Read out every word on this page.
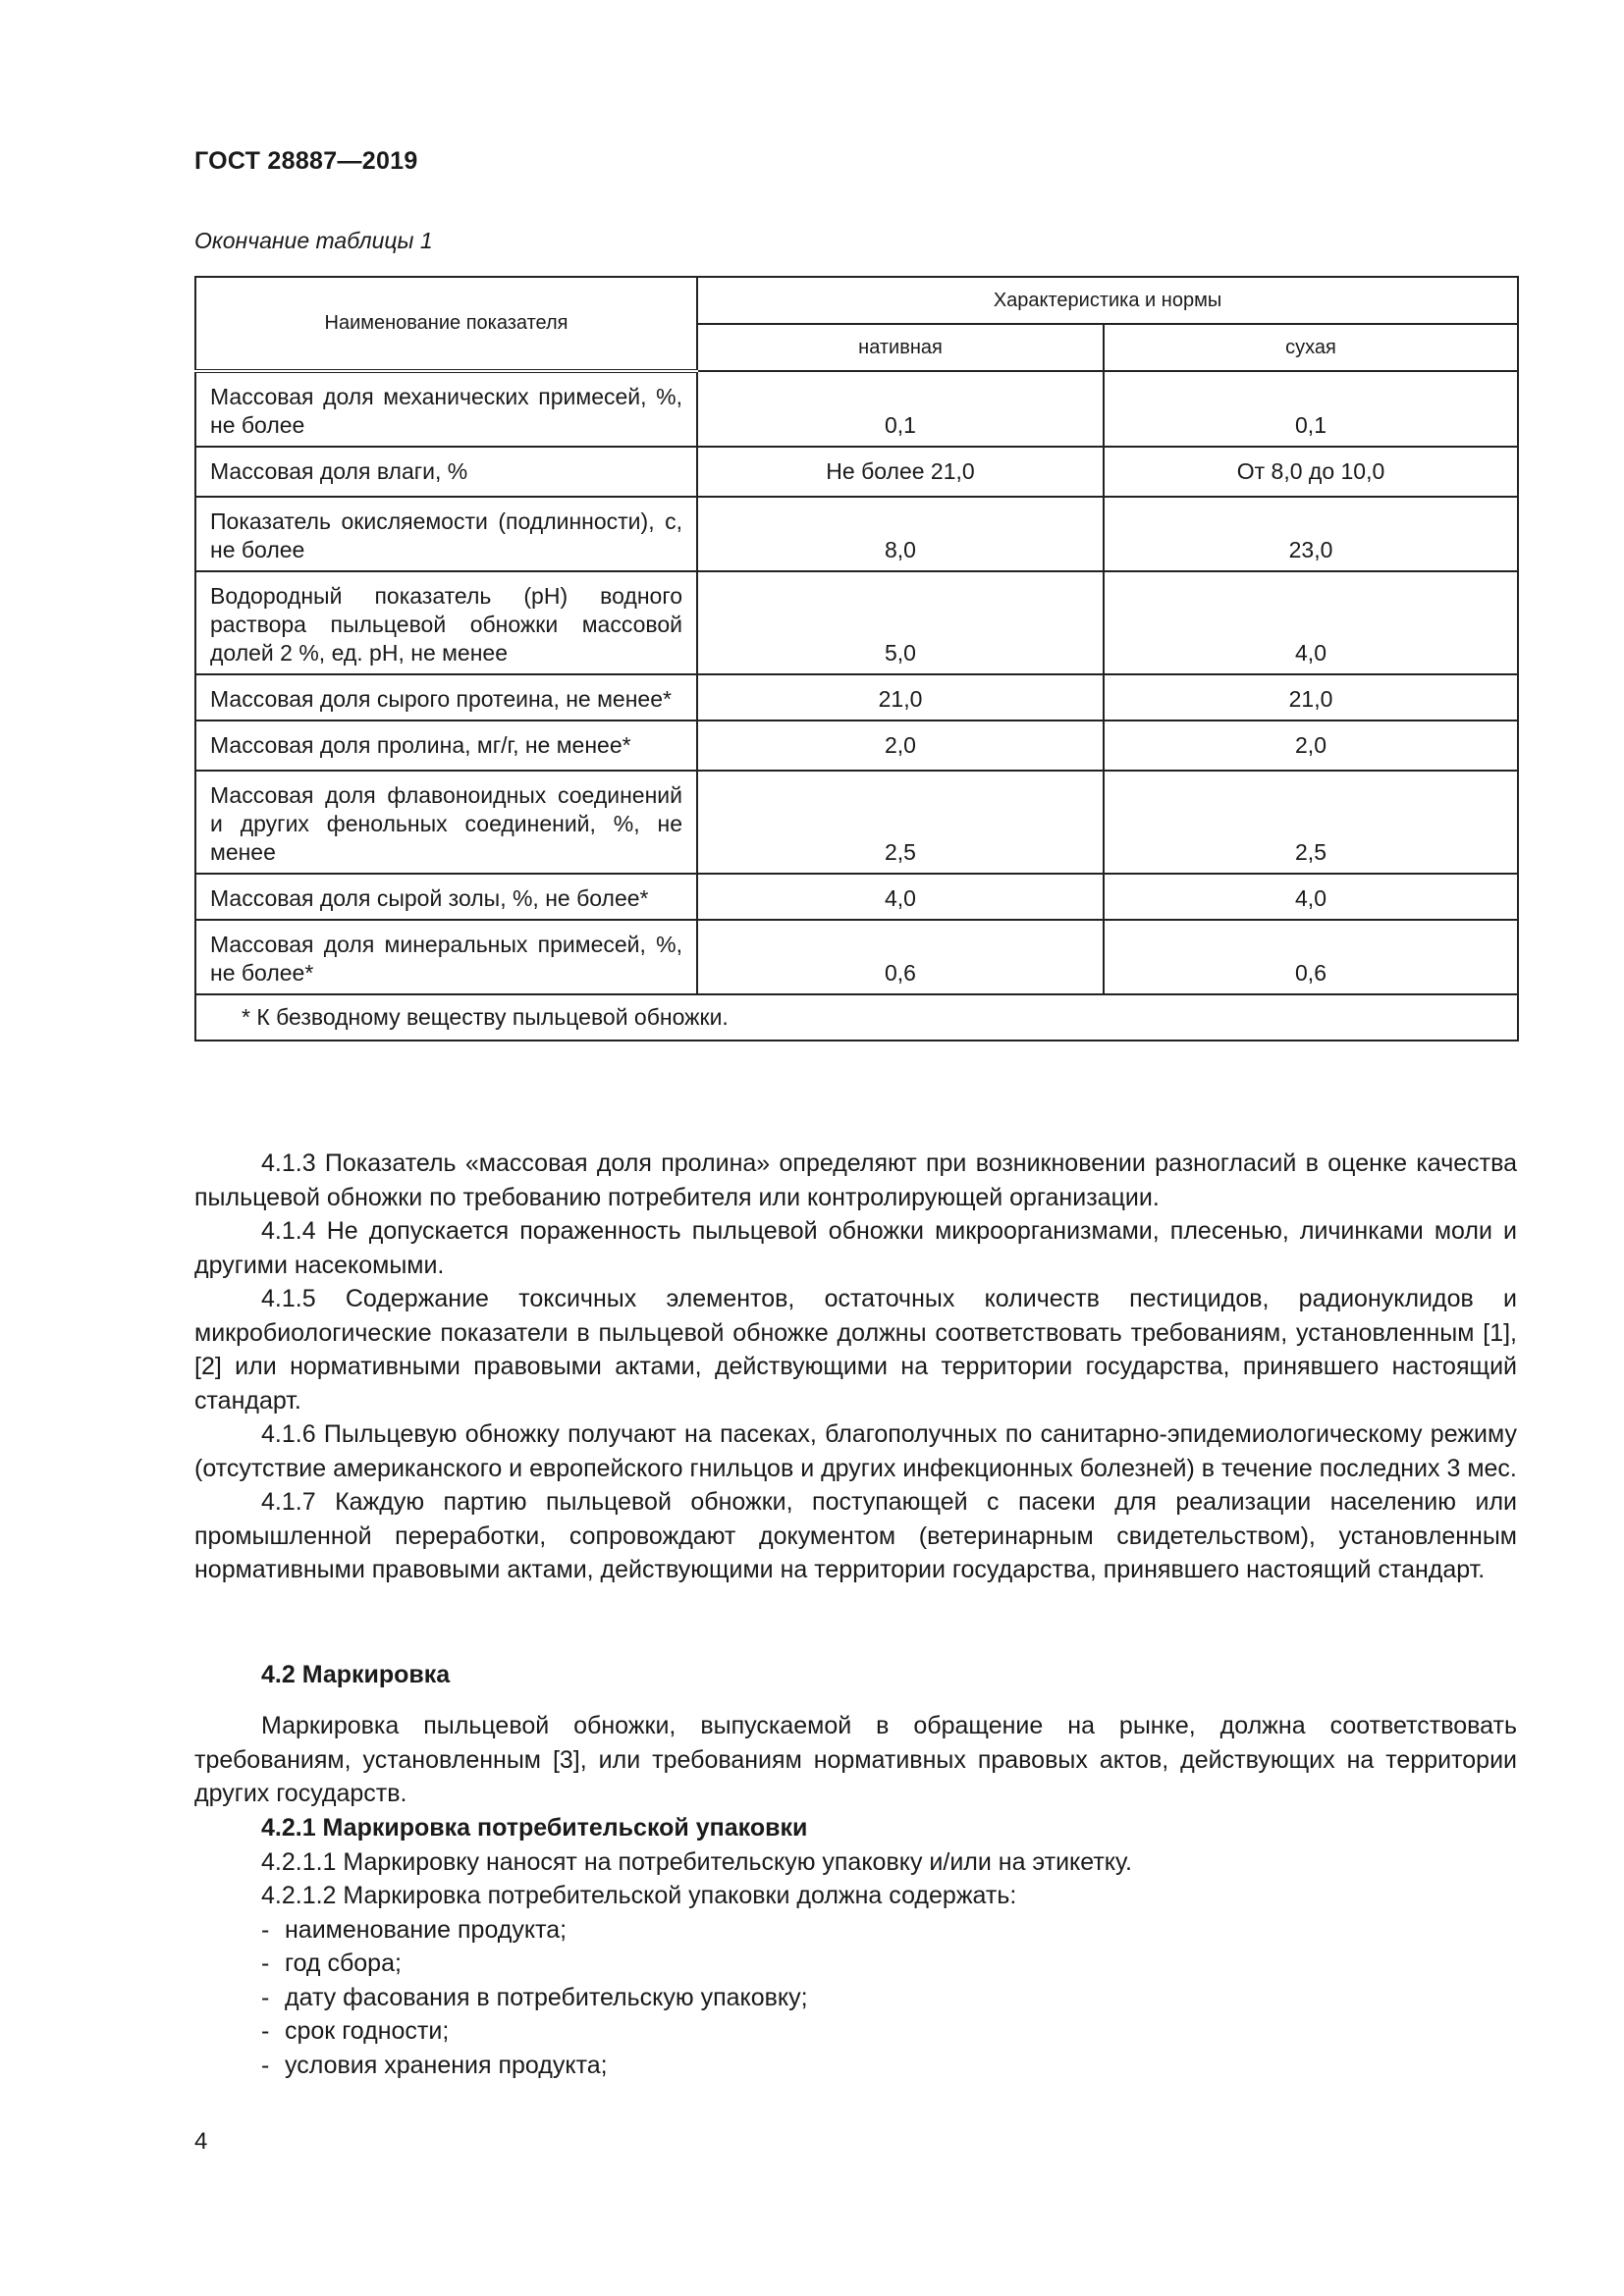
ГОСТ 28887—2019
Окончание таблицы 1
Наименование показателя	Характеристика и нормы	
	нативная	сухая
Массовая доля механических примесей, %, не более	0,1	0,1
Массовая доля влаги, %	Не более 21,0	От 8,0 до 10,0
Показатель окисляемости (подлинности), с, не более	8,0	23,0
Водородный показатель (pH) водного раствора пыльцевой обножки массовой долей 2 %, ед. pH, не менее	5,0	4,0
Массовая доля сырого протеина, не менее*	21,0	21,0
Массовая доля пролина, мг/г, не менее*	2,0	2,0
Массовая доля флавоноидных соединений и других фенольных соединений, %, не менее	2,5	2,5
Массовая доля сырой золы, %, не более*	4,0	4,0
Массовая доля минеральных примесей, %, не более*	0,6	0,6
* К безводному веществу пыльцевой обножки.		

4.1.3 Показатель «массовая доля пролина» определяют при возникновении разногласий в оценке качества пыльцевой обножки по требованию потребителя или контролирующей организации.

4.1.4 Не допускается пораженность пыльцевой обножки микроорганизмами, плесенью, личинками моли и другими насекомыми.

4.1.5 Содержание токсичных элементов, остаточных количеств пестицидов, радионуклидов и микробиологические показатели в пыльцевой обножке должны соответствовать требованиям, установленным [1], [2] или нормативными правовыми актами, действующими на территории государства, принявшего настоящий стандарт.

4.1.6 Пыльцевую обножку получают на пасеках, благополучных по санитарно-эпидемиологическому режиму (отсутствие американского и европейского гнильцов и других инфекционных болезней) в течение последних 3 мес.

4.1.7 Каждую партию пыльцевой обножки, поступающей с пасеки для реализации населению или промышленной переработки, сопровождают документом (ветеринарным свидетельством), установленным нормативными правовыми актами, действующими на территории государства, принявшего настоящий стандарт.

4.2 Маркировка

Маркировка пыльцевой обножки, выпускаемой в обращение на рынке, должна соответствовать требованиям, установленным [3], или требованиям нормативных правовых актов, действующих на территории других государств.

4.2.1 Маркировка потребительской упаковки
4.2.1.1 Маркировку наносят на потребительскую упаковку и/или на этикетку.
4.2.1.2 Маркировка потребительской упаковки должна содержать:
- наименование продукта;
- год сбора;
- дату фасования в потребительскую упаковку;
- срок годности;
- условия хранения продукта;
4
